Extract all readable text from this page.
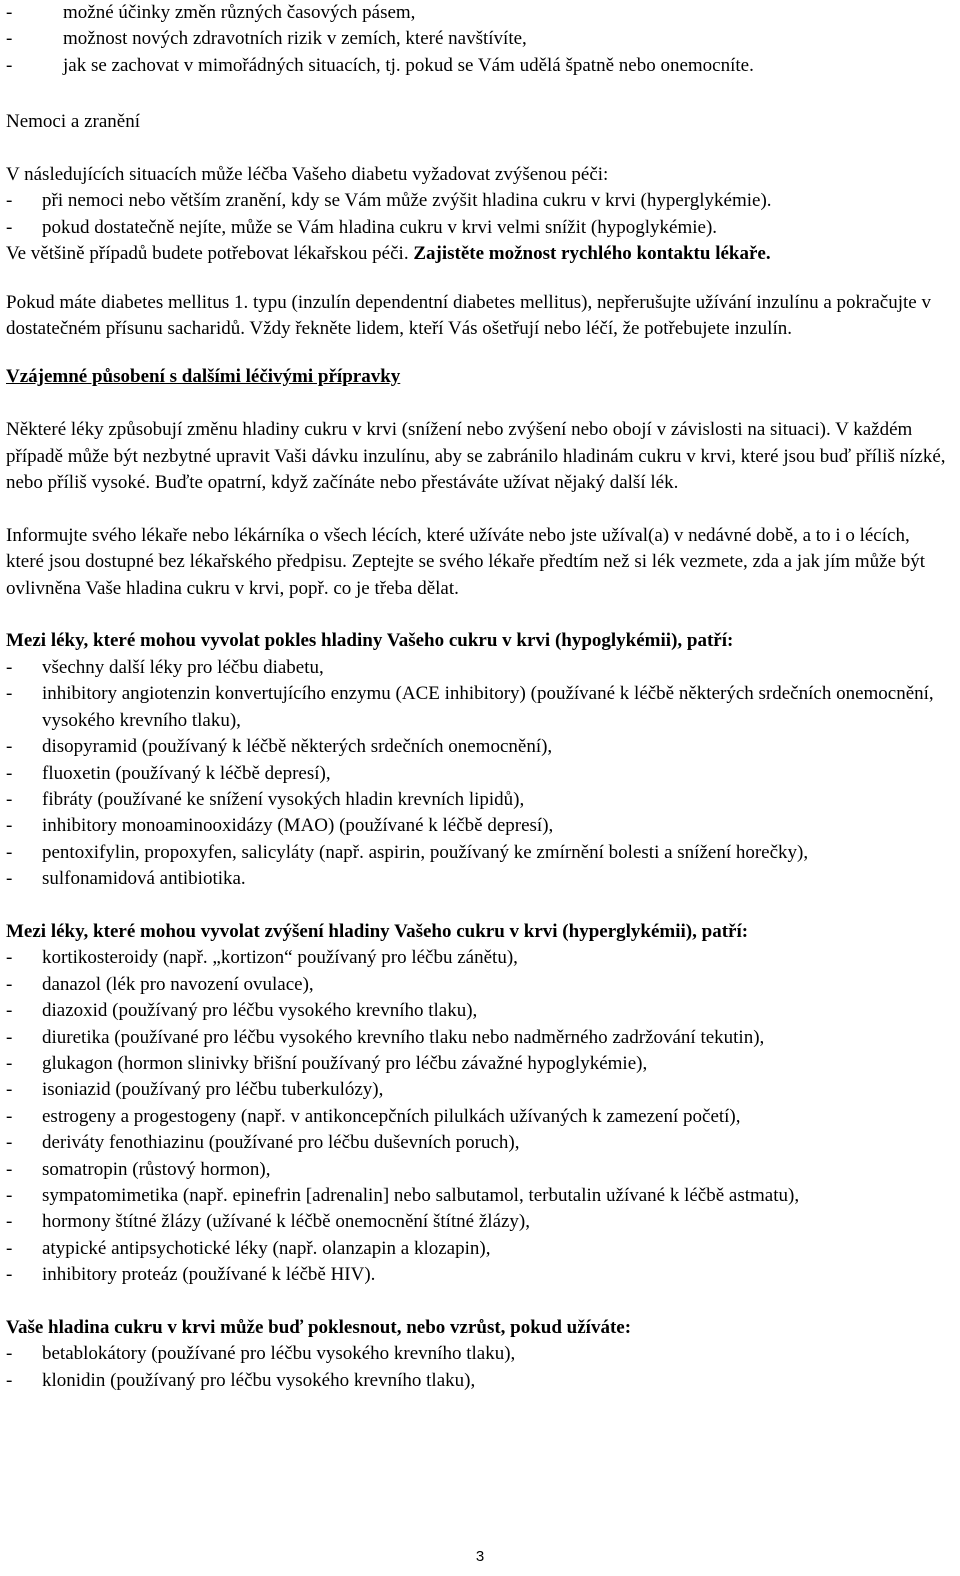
-	možné účinky změn různých časových pásem,
-	možnost nových zdravotních rizik v zemích, které navštívíte,
-	jak se zachovat v mimořádných situacích, tj. pokud se Vám udělá špatně nebo onemocníte.

Nemoci a zranění

V následujících situacích může léčba Vašeho diabetu vyžadovat zvýšenou péči:

- při nemoci nebo větším zranění, kdy se Vám může zvýšit hladina cukru v krvi (hyperglykémie).
- pokud dostatečně nejíte, může se Vám hladina cukru v krvi velmi snížit (hypoglykémie).

Ve většině případů budete potřebovat lékařskou péči. Zajistěte možnost rychlého kontaktu lékaře.

Pokud máte diabetes mellitus 1. typu (inzulín dependentní diabetes mellitus), nepřerušujte užívání inzulínu a pokračujte v dostatečném přísunu sacharidů. Vždy řekněte lidem, kteří Vás ošetřují nebo léčí, že potřebujete inzulín.

Vzájemné působení s dalšími léčivými přípravky

Některé léky způsobují změnu hladiny cukru v krvi (snížení nebo zvýšení nebo obojí v závislosti na situaci). V každém případě může být nezbytné upravit Vaši dávku inzulínu, aby se zabránilo hladinám cukru v krvi, které jsou buď příliš nízké, nebo příliš vysoké. Buďte opatrní, když začínáte nebo přestáváte užívat nějaký další lék.

Informujte svého lékaře nebo lékárníka o všech lécích, které užíváte nebo jste užíval(a) v nedávné době, a to i o lécích, které jsou dostupné bez lékařského předpisu. Zeptejte se svého lékaře předtím než si lék vezmete, zda a jak jím může být ovlivněna Vaše hladina cukru v krvi, popř. co je třeba dělat.

Mezi léky, které mohou vyvolat pokles hladiny Vašeho cukru v krvi (hypoglykémii), patří:

- všechny další léky pro léčbu diabetu,
- inhibitory angiotenzin konvertujícího enzymu (ACE inhibitory) (používané k léčbě některých srdečních onemocnění, vysokého krevního tlaku),
- disopyramid (používaný k léčbě některých srdečních onemocnění),
- fluoxetin (používaný k léčbě depresí),
- fibráty (používané ke snížení vysokých hladin krevních lipidů),
- inhibitory monoaminooxidázy (MAO) (používané k léčbě depresí),
- pentoxifylin, propoxyfen, salicyláty (např. aspirin, používaný ke zmírnění bolesti a snížení horečky),
- sulfonamidová antibiotika.

Mezi léky, které mohou vyvolat zvýšení hladiny Vašeho cukru v krvi (hyperglykémii), patří:

- kortikosteroidy (např. „kortizon“ používaný pro léčbu zánětu),
- danazol (lék pro navození ovulace),
- diazoxid (používaný pro léčbu vysokého krevního tlaku),
- diuretika (používané pro léčbu vysokého krevního tlaku nebo nadměrného zadržování tekutin),
- glukagon (hormon slinivky břišní používaný pro léčbu závažné hypoglykémie),
- isoniazid (používaný pro léčbu tuberkulózy),
- estrogeny a progestogeny (např. v antikoncepčních pilulkách užívaných k zamezení početí),
- deriváty fenothiazinu (používané pro léčbu duševních poruch),
- somatropin (růstový hormon),
- sympatomimetika (např. epinefrin [adrenalin] nebo salbutamol, terbutalin užívané k léčbě astmatu),
- hormony štítné žlázy (užívané k léčbě onemocnění štítné žlázy),
- atypické antipsychotické léky (např. olanzapin a klozapin),
- inhibitory proteáz (používané k léčbě HIV).

Vaše hladina cukru v krvi může buď poklesnout, nebo vzrůst, pokud užíváte:

- betablokátory (používané pro léčbu vysokého krevního tlaku),
- klonidin (používaný pro léčbu vysokého krevního tlaku),
3
